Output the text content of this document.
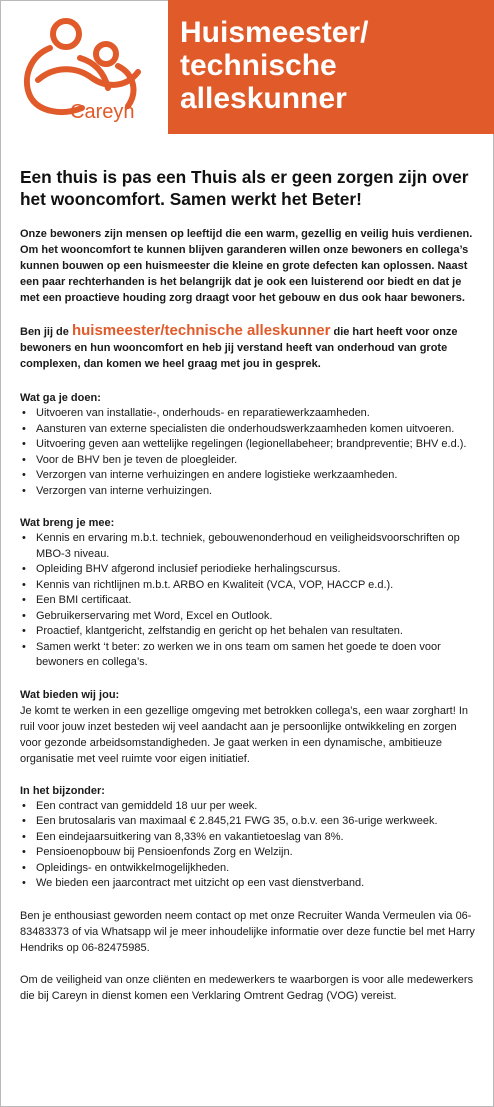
Careyn
Huismeester/
technische
alleskunner
Een thuis is pas een Thuis als er geen zorgen zijn over het wooncomfort. Samen werkt het Beter!

Onze bewoners zijn mensen op leeftijd die een warm, gezellig en veilig huis verdienen. Om het wooncomfort te kunnen blijven garanderen willen onze bewoners en collega’s kunnen bouwen op een huismeester die kleine en grote defecten kan oplossen. Naast een paar rechterhanden is het belangrijk dat je ook een luisterend oor biedt en dat je met een proactieve houding zorg draagt voor het gebouw en dus ook haar bewoners.

Ben jij de huismeester/technische alleskunner die hart heeft voor onze bewoners en hun wooncomfort en heb jij verstand heeft van onderhoud van grote complexen, dan komen we heel graag met jou in gesprek.

Wat ga je doen:
• Uitvoeren van installatie-, onderhouds- en reparatiewerkzaamheden.
• Aansturen van externe specialisten die onderhoudswerkzaamheden komen uitvoeren.
• Uitvoering geven aan wettelijke regelingen (legionellabeheer; brandpreventie; BHV e.d.).
• Voor de BHV ben je teven de ploegleider.
• Verzorgen van interne verhuizingen en andere logistieke werkzaamheden.
• Verzorgen van interne verhuizingen.
Wat breng je mee:
• Kennis en ervaring m.b.t. techniek, gebouwenonderhoud en veiligheidsvoorschriften op MBO-3 niveau.
• Opleiding BHV afgerond inclusief periodieke herhalingscursus.
• Kennis van richtlijnen m.b.t. ARBO en Kwaliteit (VCA, VOP, HACCP e.d.).
• Een BMI certificaat.
• Gebruikerservaring met Word, Excel en Outlook.
• Proactief, klantgericht, zelfstandig en gericht op het behalen van resultaten.
• Samen werkt ‘t beter: zo werken we in ons team om samen het goede te doen voor bewoners en collega’s.
Wat bieden wij jou:

Je komt te werken in een gezellige omgeving met betrokken collega’s, een waar zorghart! In ruil voor jouw inzet besteden wij veel aandacht aan je persoonlijke ontwikkeling en zorgen voor gezonde arbeidsomstandigheden. Je gaat werken in een dynamische, ambitieuze organisatie met veel ruimte voor eigen initiatief.

In het bijzonder:
• Een contract van gemiddeld 18 uur per week.
• Een brutosalaris van maximaal € 2.845,21 FWG 35, o.b.v. een 36-urige werkweek.
• Een eindejaarsuitkering van 8,33% en vakantietoeslag van 8%.
• Pensioenopbouw bij Pensioenfonds Zorg en Welzijn.
• Opleidings- en ontwikkelmogelijkheden.
• We bieden een jaarcontract met uitzicht op een vast dienstverband.

Ben je enthousiast geworden neem contact op met onze Recruiter Wanda Vermeulen via 06-83483373 of via Whatsapp wil je meer inhoudelijke informatie over deze functie bel met Harry Hendriks op 06-82475985.

Om de veiligheid van onze cliënten en medewerkers te waarborgen is voor alle medewerkers die bij Careyn in dienst komen een Verklaring Omtrent Gedrag (VOG) vereist.
